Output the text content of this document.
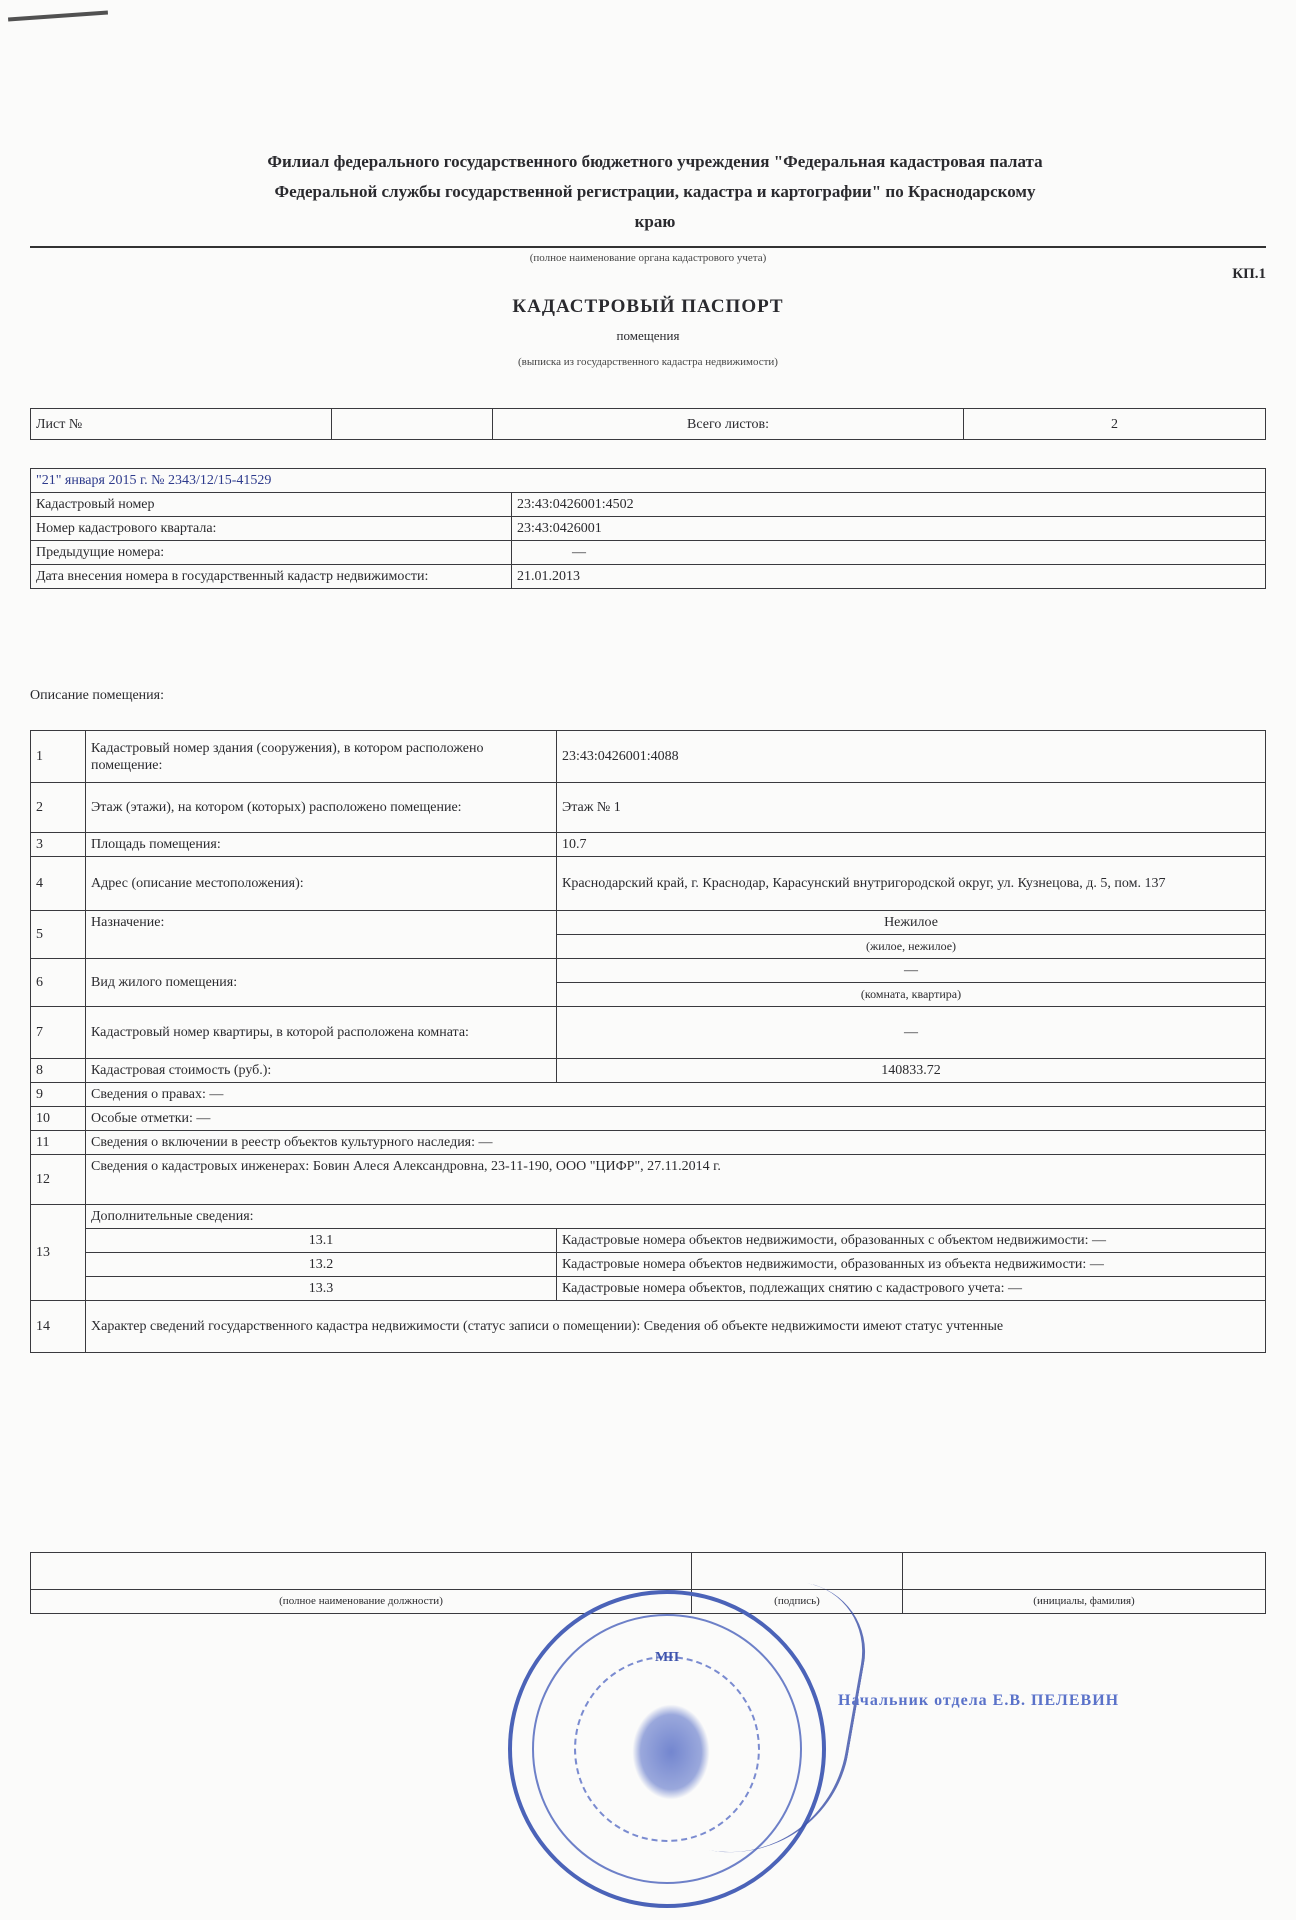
Филиал федерального государственного бюджетного учреждения "Федеральная кадастровая палата
Федеральной службы государственной регистрации, кадастра и картографии" по Краснодарскому
краю
(полное наименование органа кадастрового учета)
КП.1
КАДАСТРОВЫЙ ПАСПОРТ
помещения
(выписка из государственного кадастра недвижимости)
Лист №		Всего листов:	2
"21" января 2015 г. № 2343/12/15-41529	
Кадастровый номер	23:43:0426001:4502
Номер кадастрового квартала:	23:43:0426001
Предыдущие номера:	—
Дата внесения номера в государственный кадастр недвижимости:	21.01.2013
Описание помещения:
1	Кадастровый номер здания (сооружения), в котором расположено помещение:	23:43:0426001:4088
2	Этаж (этажи), на котором (которых) расположено помещение:	Этаж № 1
3	Площадь помещения:	10.7
4	Адрес (описание местоположения):	Краснодарский край, г. Краснодар, Карасунский внутригородской округ, ул. Кузнецова, д. 5, пом. 137
5	Назначение:	Нежилое
		(жилое, нежилое)
6	Вид жилого помещения:	—
		(комната, квартира)
7	Кадастровый номер квартиры, в которой расположена комната:	—
8	Кадастровая стоимость (руб.):	140833.72
9	Сведения о правах: —	
10	Особые отметки: —	
11	Сведения о включении в реестр объектов культурного наследия: —	
12	Сведения о кадастровых инженерах: Бовин Алеся Александровна, 23-11-190, ООО "ЦИФР", 27.11.2014 г.	
13	Дополнительные сведения:	
	13.1	Кадастровые номера объектов недвижимости, образованных с объектом недвижимости: —
	13.2	Кадастровые номера объектов недвижимости, образованных из объекта недвижимости: —
	13.3	Кадастровые номера объектов, подлежащих снятию с кадастрового учета: —
14	Характер сведений государственного кадастра недвижимости (статус записи о помещении): Сведения об объекте недвижимости имеют статус учтенные	

(полное наименование должности)	(подпись)	(инициалы, фамилия)
МП
Начальник отдела Е.В. ПЕЛЕВИН
